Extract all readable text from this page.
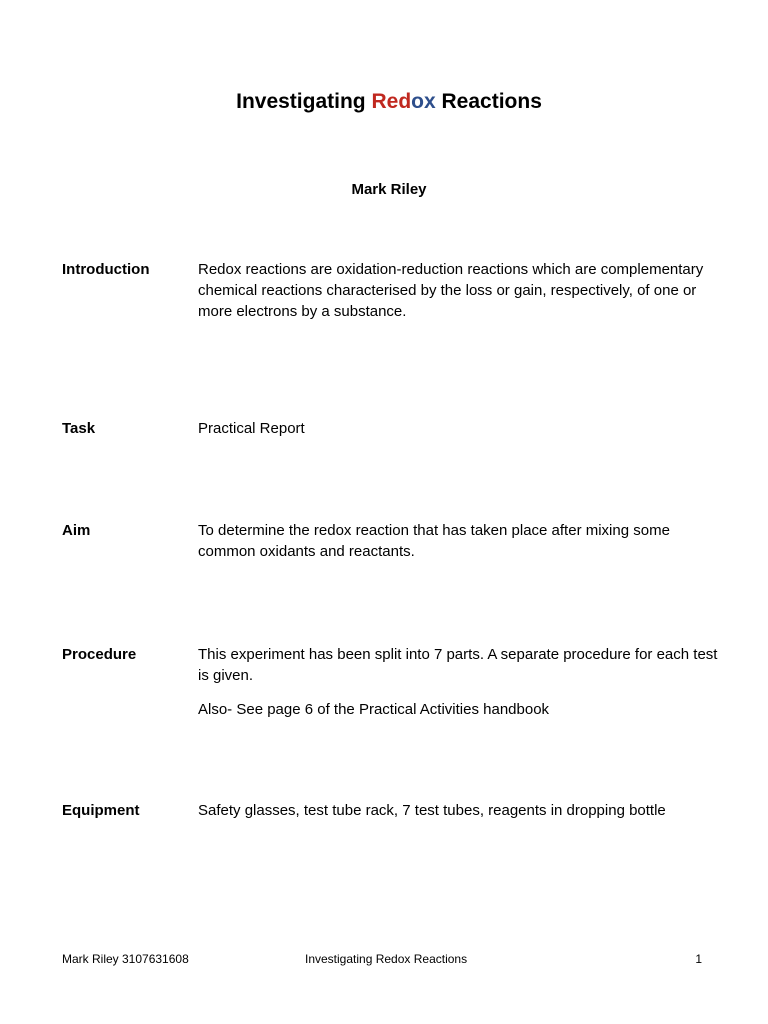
Investigating Redox Reactions
Mark Riley
Introduction	Redox reactions are oxidation-reduction reactions which are complementary chemical reactions characterised by the loss or gain, respectively, of one or more electrons by a substance.

Task	Practical Report

Aim	To determine the redox reaction that has taken place after mixing some common oxidants and reactants.

Procedure	This experiment has been split into 7 parts. A separate procedure for each test is given.

Also- See page 6 of the Practical Activities handbook

Equipment	Safety glasses, test tube rack, 7 test tubes, reagents in dropping bottle

Mark Riley 3107631608	Investigating Redox Reactions	1
